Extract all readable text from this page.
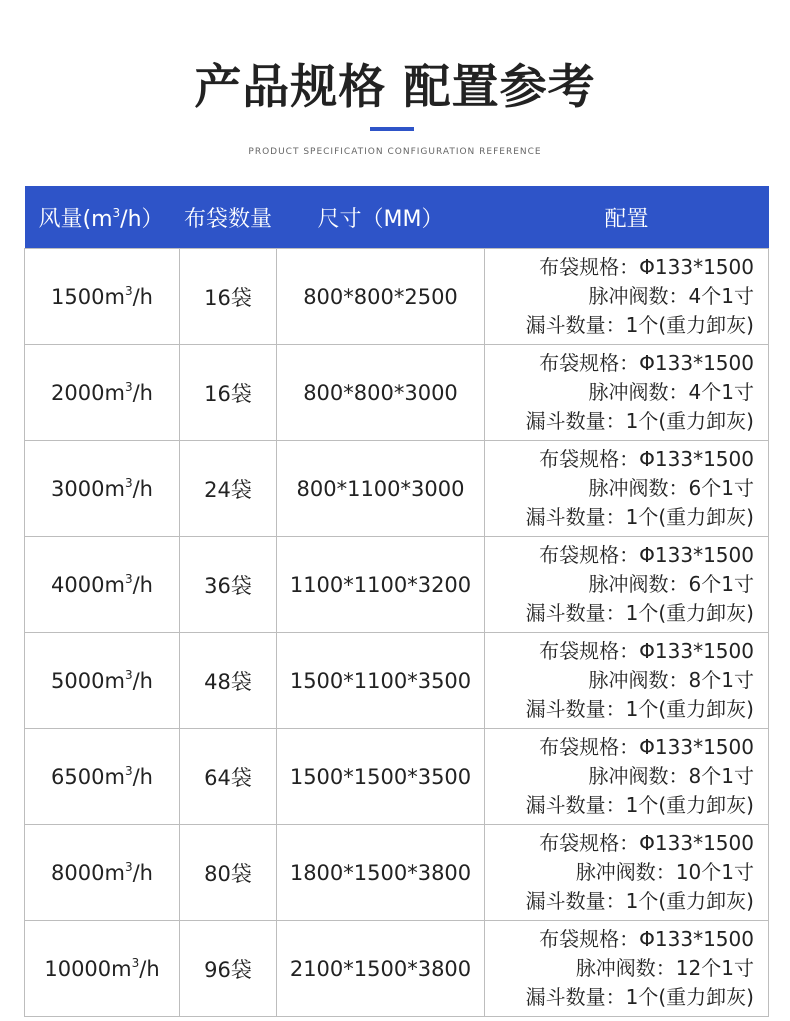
产品规格 配置参考
PRODUCT SPECIFICATION CONFIGURATION REFERENCE
风量$(m^3/h)$	布袋数量	尺寸（MM）	配置
$1500m^3/h$	16袋	800*800*2500	布袋规格：Φ133*1500
脉冲阀数：4个1寸
漏斗数量：1个(重力卸灰)

$2000m^3/h$	16袋	800*800*3000	布袋规格：Φ133*1500
脉冲阀数：4个1寸
漏斗数量：1个(重力卸灰)

$3000m^3/h$	24袋	800*1100*3000	布袋规格：Φ133*1500
脉冲阀数：6个1寸
漏斗数量：1个(重力卸灰)

$4000m^3/h$	36袋	1100*1100*3200	布袋规格：Φ133*1500
脉冲阀数：6个1寸
漏斗数量：1个(重力卸灰)

$5000m^3/h$	48袋	1500*1100*3500	布袋规格：Φ133*1500
脉冲阀数：8个1寸
漏斗数量：1个(重力卸灰)

$6500m^3/h$	64袋	1500*1500*3500	布袋规格：Φ133*1500
脉冲阀数：8个1寸
漏斗数量：1个(重力卸灰)

$8000m^3/h$	80袋	1800*1500*3800	布袋规格：Φ133*1500
脉冲阀数：10个1寸
漏斗数量：1个(重力卸灰)

$10000m^3/h$	96袋	2100*1500*3800	布袋规格：Φ133*1500
脉冲阀数：12个1寸
漏斗数量：1个(重力卸灰)
